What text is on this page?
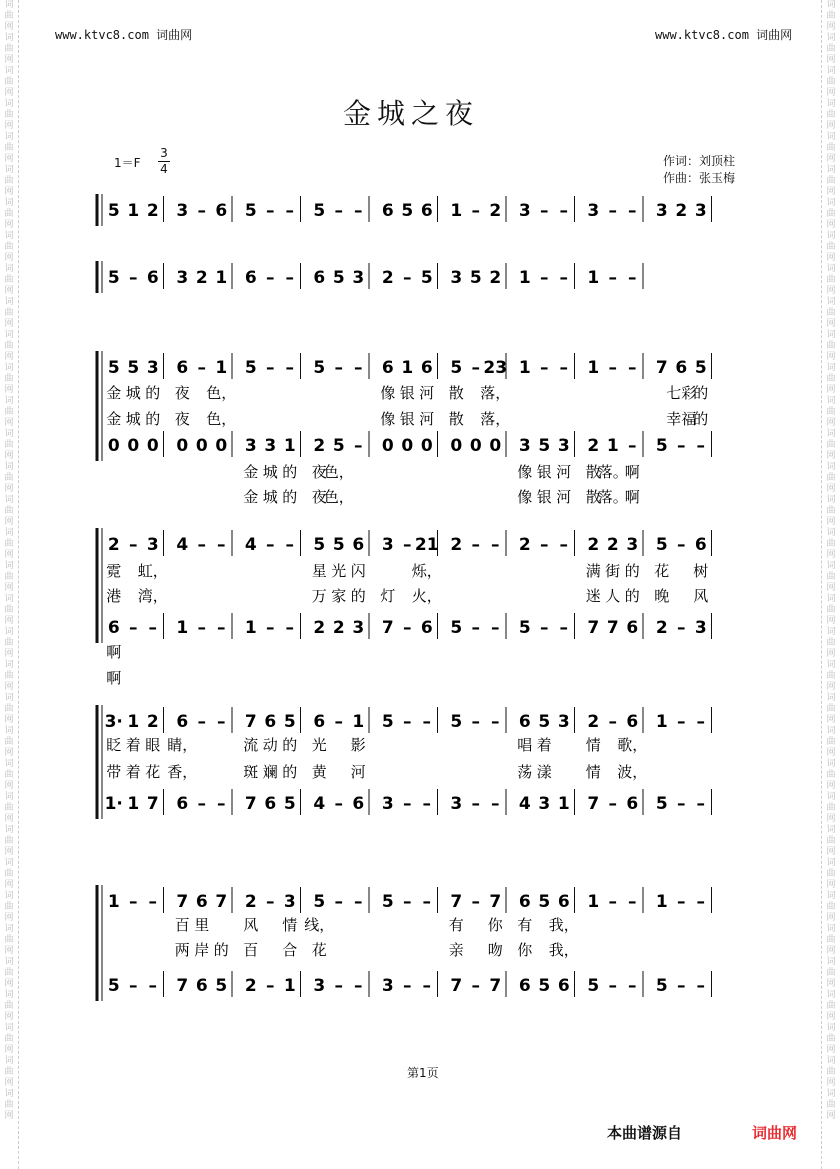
词
曲
网
词
曲
网
词
曲
网
词
曲
网
词
曲
网
词
曲
网
词
曲
网
词
曲
网
词
曲
网
词
曲
网
词
曲
网
词
曲
网
词
曲
网
词
曲
网
词
曲
网
词
曲
网
词
曲
网
词
曲
网
词
曲
网
词
曲
网
词
曲
网
词
曲
网
词
曲
网
词
曲
网
词
曲
网
词
曲
网
词
曲
网
词
曲
网
词
曲
网
词
曲
网
词
曲
网
词
曲
网
词
曲
网
词
曲
网
词
曲
网
词
曲
网
词
曲
网
词
曲
网
词
曲
网
词
曲
网
词
曲
网
词
曲
网
词
曲
网
词
曲
网
词
曲
网
词
曲
网
词
曲
网
词
曲
网
词
曲
网
词
曲
网
词
曲
网
词
曲
网
词
曲
网
词
曲
网
词
曲
网
词
曲
网
词
曲
网
词
曲
网
词
曲
网
词
曲
网
词
曲
网
词
曲
网
词
曲
网
词
曲
网
词
曲
网
词
曲
网
词
曲
网
词
曲
网
www.ktvc8.com 词曲网	www.ktvc8.com 词曲网
金城之夜
$1=F \frac{3}{4}$	作词：刘顶柱
作曲：张玉梅
5 1 2 3 – 6 5 – – 5 – – 6 5 6 1 – 2 3 – – 3 – – 3 2 3
5 – 6 3 2 1 6 – – 6 5 3 2 – 5 3 5 2 1 – – 1 – –
5 5 3 6 – 1 5 – – 5 – – 6 1 6 5 – 23 1 – – 1 – – 7 6 5
金 城 的 夜 色，	像 银 河 散 落，	七彩
的
金 城 的 夜 色，	像 银 河 散 落，	幸福
的
0 0 0 0 0 0 3 3 1 2 5 – 0 0 0 0 0 0 3 5 3 2 1 – 5 – –
金 城 的 夜
色，	像 银 河 散
落。
啊
金 城 的 夜
色，	像 银 河 散
落。
啊
2 – 3 4 – – 4 – – 5 5 6 3 – 21 2 – – 2 – – 2 2 3 5 – 6
霓 虹，	星 光 闪	烁，	满 街 的 花 树
港 湾，	万 家 的 灯 火，	迷 人 的 晚 风
6 – – 1 – – 1 – – 2 2 3 7 – 6 5 – – 5 – – 7 7 6 2 – 3
啊
啊
3· 1 2 6 – – 7 6 5 6 – 1 5 – – 5 – – 6 5 3 2 – 6 1 – –
眨 着 眼 睛，	流 动 的 光 影	唱 着 情 歌，
带 着 花 香，	斑 斓 的 黄 河	荡 漾 情 波，
1· 1 7 6 – – 7 6 5 4 – 6 3 – – 3 – – 4 3 1 7 – 6 5 – –
1 – – 7 6 7 2 – 3 5 – – 5 – – 7 – 7 6 5 6 1 – – 1 – –
百 里 风 情 线，	有 你 有 我，
两 岸 的 百 合 花	亲 吻 你 我，
5 – – 7 6 5 2 – 1 3 – – 3 – – 7 – 7 6 5 6 5 – – 5 – –
第1页
本曲谱源自	词曲网
